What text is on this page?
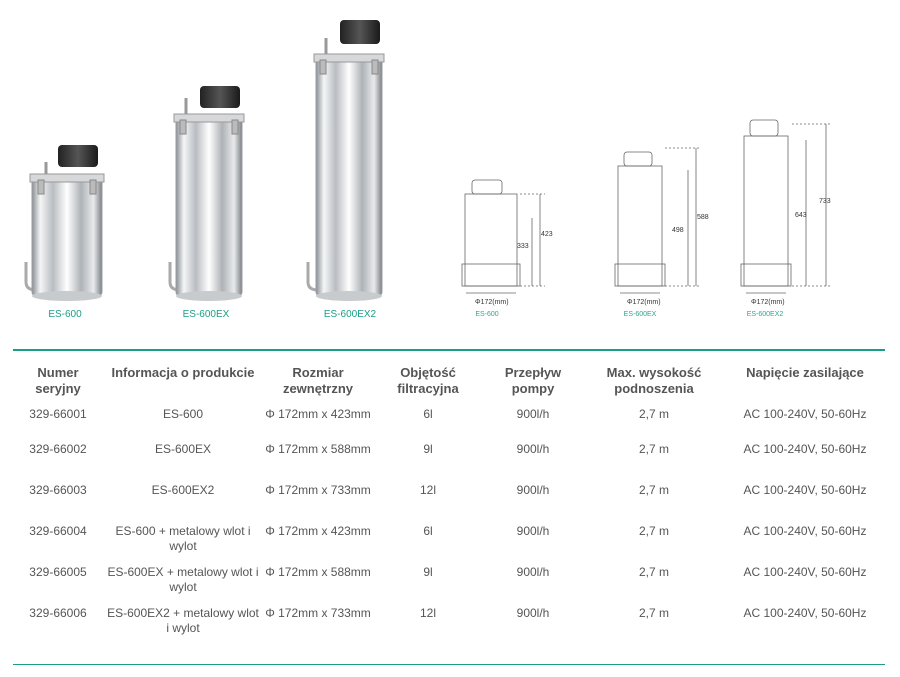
Φ172(mm)
333
423
Φ172(mm)
498
588
Φ172(mm)
643
733
ES-600	ES-600EX	ES-600EX2	ES-600	ES-600EX	ES-600EX2
Numer seryjny	Informacja o produkcie	Rozmiar zewnętrzny	Objętość filtracyjna	Przepływ pompy	Max. wysokość podnoszenia	Napięcie zasilające
329-66001	ES-600	Φ 172mm x 423mm	6l	900l/h	2,7 m	AC 100-240V, 50-60Hz
329-66002	ES-600EX	Φ 172mm x 588mm	9l	900l/h	2,7 m	AC 100-240V, 50-60Hz
329-66003	ES-600EX2	Φ 172mm x 733mm	12l	900l/h	2,7 m	AC 100-240V, 50-60Hz
329-66004	ES-600 + metalowy wlot i wylot	Φ 172mm x 423mm	6l	900l/h	2,7 m	AC 100-240V, 50-60Hz
329-66005	ES-600EX + metalowy wlot i wylot	Φ 172mm x 588mm	9l	900l/h	2,7 m	AC 100-240V, 50-60Hz
329-66006	ES-600EX2 + metalowy wlot i wylot	Φ 172mm x 733mm	12l	900l/h	2,7 m	AC 100-240V, 50-60Hz
